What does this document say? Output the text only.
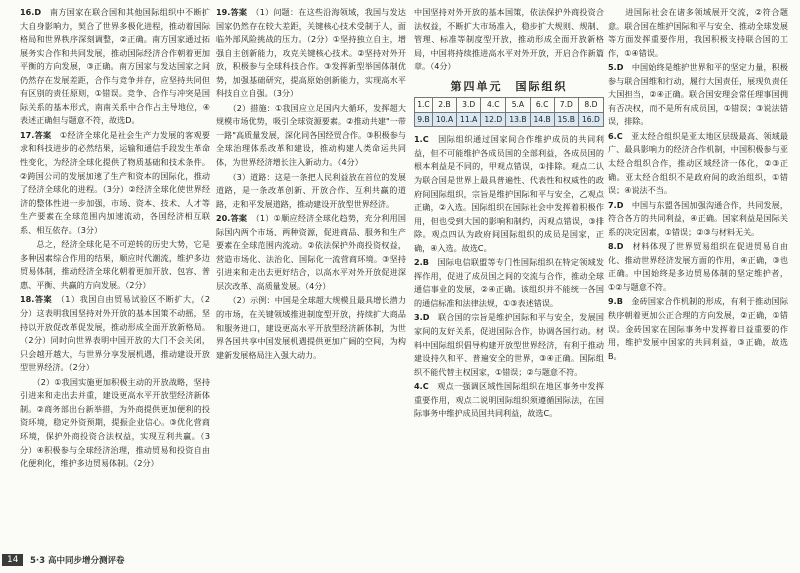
16.D　 南方国家在联合国和其他国际组织中不断扩大自身影响力，契合了世界多极化进程，推动着国际格局和世界秩序深刻调整，②正确。南方国家通过拓展务实合作和共同发展，推动国际经济合作朝着更加平衡的方向发展，③正确。南方国家与发达国家之间仍然存在发展差距，合作与竞争并存，应坚持共同但有区别的责任原则，①错误。竞争、合作与冲突是国际关系的基本形式，南南关系中合作占主导地位，④表述正确但与题意不符，故选D。

17.答案　 ①经济全球化是社会生产力发展的客观要求和科技进步的必然结果，运输和通信手段发生革命性变化，为经济全球化提供了物质基础和技术条件。②跨国公司的发展加速了生产和资本的国际化，推动了经济全球化的进程。（3分）②经济全球化使世界经济的整体性进一步加强，市场、资本、技术、人才等生产要素在全球范围内加速流动，各国经济相互联系、相互依存。（3分）

　　总之，经济全球化是不可逆转的历史大势，它是多种因素综合作用的结果，顺应时代潮流，维护多边贸易体制，推动经济全球化朝着更加开放、包容、普惠、平衡、共赢的方向发展。（2分）

18.答案　 （1）我国自由贸易试验区不断扩大，（2分）这表明我国坚持对外开放的基本国策不动摇，坚持以开放促改革促发展，推动形成全面开放新格局。（2分）同时向世界表明中国开放的大门不会关闭，只会越开越大，与世界分享发展机遇，推动建设开放型世界经济。（2分）

　　（2）①我国实施更加积极主动的开放战略，坚持引进来和走出去并重，建设更高水平开放型经济新体制。②商务部出台新举措，为外商提供更加便利的投资环境，稳定外资预期，提振企业信心。③优化营商环境，保护外商投资合法权益，实现互利共赢。（3分）④积极参与全球经济治理，推动贸易和投资自由化便利化，维护多边贸易体制。（2分）

19.答案　 （1）问题：在这些沿海领域，我国与发达国家仍然存在较大差距，关键核心技术受制于人，面临外部风险挑战的压力。（2分）①坚持独立自主，增强自主创新能力，攻克关键核心技术。②坚持对外开放，积极参与全球科技合作。③发挥新型举国体制优势，加强基础研究，提高原始创新能力，实现高水平科技自立自强。（3分）

　　（2）措施：①我国应立足国内大循环，发挥超大规模市场优势，吸引全球资源要素。②推动共建"一带一路"高质量发展，深化同各国经贸合作。③积极参与全球治理体系改革和建设，推动构建人类命运共同体，为世界经济增长注入新动力。（4分）

　　（3）道路：这是一条把人民利益放在首位的发展道路，是一条改革创新、开放合作、互利共赢的道路，走和平发展道路，推动建设开放型世界经济。

20.答案　 （1）①顺应经济全球化趋势，充分利用国际国内两个市场、两种资源，促进商品、服务和生产要素在全球范围内流动。②依法保护外商投资权益，营造市场化、法治化、国际化一流营商环境。③坚持引进来和走出去更好结合，以高水平对外开放促进深层次改革、高质量发展。（4分）

　　（2）示例：中国是全球超大规模且最具增长潜力的市场，在关键领域推进制度型开放，持续扩大商品和服务进口，建设更高水平开放型经济新体制，为世界各国共享中国发展机遇提供更加广阔的空间，为构建新发展格局注入强大动力。

中国坚持对外开放的基本国策，依法保护外商投资合法权益，不断扩大市场准入，稳步扩大规则、规制、管理、标准等制度型开放，推动形成全面开放新格局，中国将持续推进高水平对外开放，开启合作新篇章。（4分）

第四单元　国际组织
1.C	2.B	3.D	4.C	5.A	6.C	7.D	8.D
9.B	10.A	11.A	12.D	13.B	14.B	15.B	16.D

1.C　 国际组织通过国家间合作维护成员的共同利益，但不可能维护各成员国的全部利益，各成员国的根本利益是不同的，甲观点错误，①排除。观点二认为联合国是世界上最具普遍性、代表性和权威性的政府间国际组织，宗旨是维护国际和平与安全，乙观点正确，②入选。国际组织在国际社会中发挥着积极作用，但也受到大国的影响和制约，丙观点错误，③排除。观点四认为政府间国际组织的成员是国家，正确，④入选。故选C。

2.B　 国际电信联盟等专门性国际组织在特定领域发挥作用，促进了成员国之间的交流与合作，推动全球通信事业的发展，②④正确。该组织并不能统一各国的通信标准和法律法规，①③表述错误。

3.D　 联合国的宗旨是维护国际和平与安全，发展国家间的友好关系，促进国际合作，协调各国行动。材料中国际组织倡导构建开放型世界经济，有利于推动建设持久和平、普遍安全的世界，③④正确。国际组织不能代替主权国家，①错误；②与题意不符。

4.C　 观点一强调区域性国际组织在地区事务中发挥重要作用，观点二说明国际组织须遵循国际法，在国际事务中维护成员国共同利益，故选C。

　　进国际社会在诸多领域展开交流，②符合题意。联合国在维护国际和平与安全、推动全球发展等方面发挥重要作用，我国积极支持联合国的工作，①④错误。

5.D　 中国始终是维护世界和平的坚定力量，积极参与联合国维和行动，履行大国责任，展现负责任大国担当，②④正确。联合国安理会常任理事国拥有否决权，而不是所有成员国，①错误；③说法错误，排除。

6.C　 亚太经合组织是亚太地区层级最高、领域最广、最具影响力的经济合作机制，中国积极参与亚太经合组织合作，推动区域经济一体化，②③正确。亚太经合组织不是政府间的政治组织，①错误；④说法不当。

7.D　 中国与东盟各国加强沟通合作，共同发展，符合各方的共同利益，④正确。国家利益是国际关系的决定因素，①错误；②③与材料无关。

8.D　 材料体现了世界贸易组织在促进贸易自由化、推动世界经济发展方面的作用，④正确，③也正确。中国始终是多边贸易体制的坚定维护者，①②与题意不符。

9.B　 金砖国家合作机制的形成，有利于推动国际秩序朝着更加公正合理的方向发展，②正确，①错误。金砖国家在国际事务中发挥着日益重要的作用，维护发展中国家的共同利益，③正确，故选B。

14	5·3 高中同步增分测评卷
